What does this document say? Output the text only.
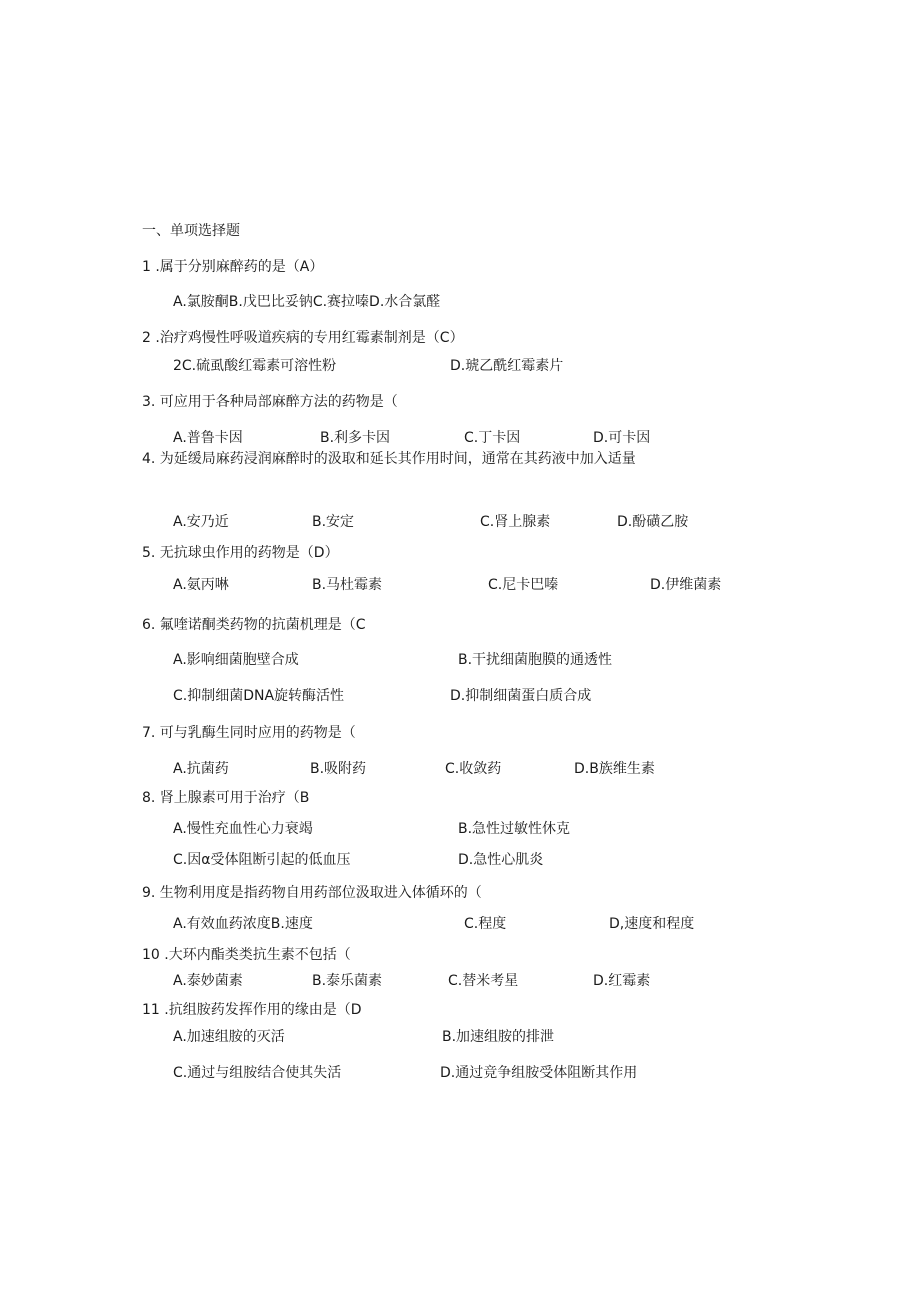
一、单项选择题
1 .属于分别麻醉药的是（A）
A.氯胺酮B.戊巴比妥钠C.赛拉嗪D.水合氯醛
2 .治疗鸡慢性呼吸道疾病的专用红霉素制剂是（C）
2C.硫虱酸红霉素可溶性粉	D.琥乙酰红霉素片
3. 可应用于各种局部麻醉方法的药物是（
A.普鲁卡因	B.利多卡因	C.丁卡因	D.可卡因
4. 为延缓局麻药浸润麻醉时的汲取和延长其作用时间，通常在其药液中加入适量
A.安乃近	B.安定	C.肾上腺素	D.酚磺乙胺
5. 无抗球虫作用的药物是（D）
A.氨丙啉	B.马杜霉素	C.尼卡巴嗪	D.伊维菌素
6. 氟喹诺酮类药物的抗菌机理是（C
A.影响细菌胞壁合成	B.干扰细菌胞膜的通透性
C.抑制细菌DNA旋转酶活性	D.抑制细菌蛋白质合成
7. 可与乳酶生同时应用的药物是（
A.抗菌药	B.吸附药	C.收敛药	D.B族维生素
8. 肾上腺素可用于治疗（B
A.慢性充血性心力衰竭	B.急性过敏性休克
C.因α受体阻断引起的低血压	D.急性心肌炎
9. 生物利用度是指药物自用药部位汲取进入体循环的（
A.有效血药浓度B.速度	C.程度	D,速度和程度
10 .大环内酯类类抗生素不包括（
A.泰妙菌素	B.泰乐菌素	C.替米考星	D.红霉素
11 .抗组胺药发挥作用的缘由是（D
A.加速组胺的灭活	B.加速组胺的排泄
C.通过与组胺结合使其失活	D.通过竞争组胺受体阻断其作用
